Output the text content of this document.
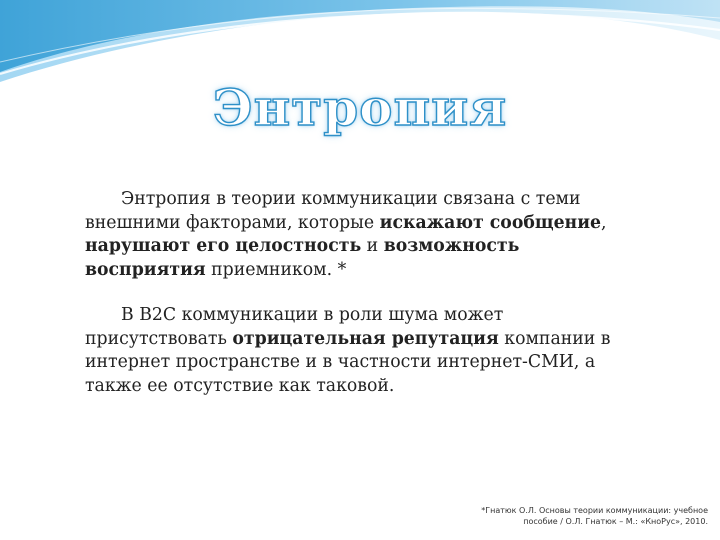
Энтропия

Энтропия в теории коммуникации связана с теми внешними факторами, которые искажают сообщение, нарушают его целостность и возможность восприятия приемником. *

В B2C коммуникации в роли шума может присутствовать отрицательная репутация компании в интернет пространстве и в частности интернет-СМИ, а также ее отсутствие как таковой.

*Гнатюк О.Л. Основы теории коммуникации: учебное
пособие / О.Л. Гнатюк – М.: «КноРус», 2010.
